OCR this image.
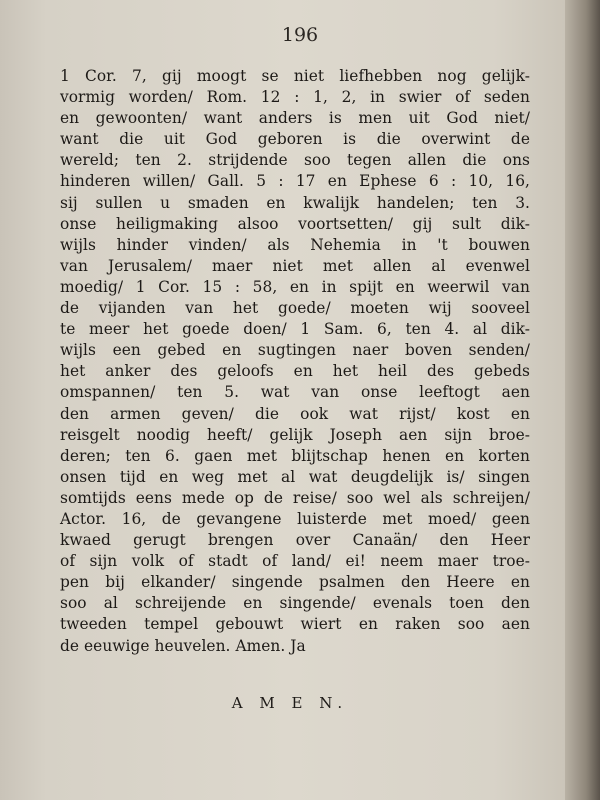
196
1 Cor. 7, gij moogt se niet liefhebben nog gelijk-
vormig worden/ Rom. 12 : 1, 2, in swier of seden
en gewoonten/ want anders is men uit God niet/
want die uit God geboren is die overwint de
wereld; ten 2. strijdende soo tegen allen die ons
hinderen willen/ Gall. 5 : 17 en Ephese 6 : 10, 16,
sij sullen u smaden en kwalijk handelen; ten 3.
onse heiligmaking alsoo voortsetten/ gij sult dik-
wijls hinder vinden/ als Nehemia in 't bouwen
van Jerusalem/ maer niet met allen al evenwel
moedig/ 1 Cor. 15 : 58, en in spijt en weerwil van
de vijanden van het goede/ moeten wij sooveel
te meer het goede doen/ 1 Sam. 6, ten 4. al dik-
wijls een gebed en sugtingen naer boven senden/
het anker des geloofs en het heil des gebeds
omspannen/ ten 5. wat van onse leeftogt aen
den armen geven/ die ook wat rijst/ kost en
reisgelt noodig heeft/ gelijk Joseph aen sijn broe-
deren; ten 6. gaen met blijtschap henen en korten
onsen tijd en weg met al wat deugdelijk is/ singen
somtijds eens mede op de reise/ soo wel als schreijen/
Actor. 16, de gevangene luisterde met moed/ geen
kwaed gerugt brengen over Canaän/ den Heer
of sijn volk of stadt of land/ ei! neem maer troe-
pen bij elkander/ singende psalmen den Heere en
soo al schreijende en singende/ evenals toen den
tweeden tempel gebouwt wiert en raken soo aen
de eeuwige heuvelen. Amen. Ja
A M E N.
